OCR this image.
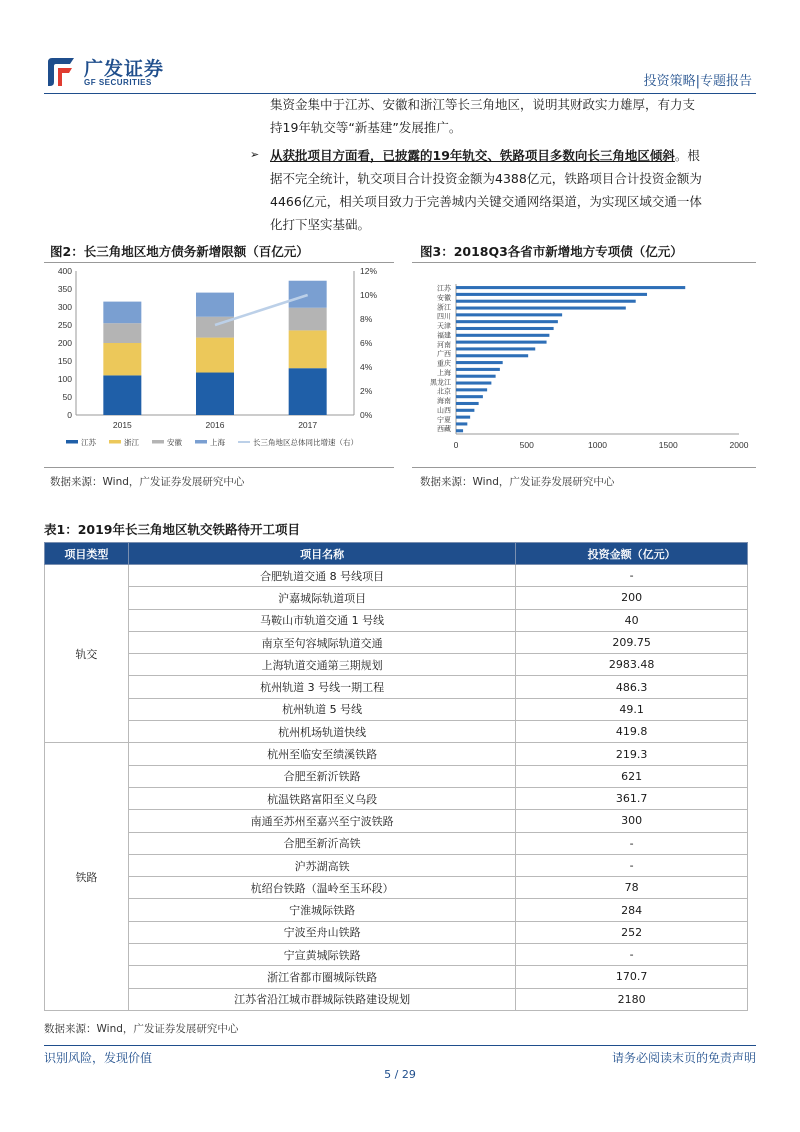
广发证券
GF SECURITIES	投资策略|专题报告
集资金集中于江苏、安徽和浙江等长三角地区，说明其财政实力雄厚，有力支
持19年轨交等“新基建”发展推广。
➢ 从获批项目方面看，已披露的19年轨交、铁路项目多数向长三角地区倾斜。根
据不完全统计，轨交项目合计投资金额为4388亿元，铁路项目合计投资金额为
4466亿元，相关项目致力于完善城内关键交通网络渠道，为实现区域交通一体
化打下坚实基础。
图2：长三角地区地方债务新增限额（百亿元）
0
50
100
150
200
250
300
350
400
0%
2%
4%
6%
8%
10%
12%
2015	2016	2017
江苏	浙江	安徽	上海	长三角地区总体同比增速（右）
数据来源：Wind，广发证券发展研究中心
图3：2018Q3各省市新增地方专项债（亿元）
0	500	1000	1500	2000
江苏
安徽
浙江
四川
天津
福建
河南
广西
重庆
上海
黑龙江
北京
海南
山西
宁夏
西藏
数据来源：Wind，广发证券发展研究中心
表1：2019年长三角地区轨交铁路待开工项目
项目类型	项目名称	投资金额（亿元）
轨交	合肥轨道交通 8 号线项目	-
	沪嘉城际轨道项目	200
	马鞍山市轨道交通 1 号线	40
	南京至句容城际轨道交通	209.75
	上海轨道交通第三期规划	2983.48
	杭州轨道 3 号线一期工程	486.3
	杭州轨道 5 号线	49.1
	杭州机场轨道快线	419.8
铁路	杭州至临安至绩溪铁路	219.3
	合肥至新沂铁路	621
	杭温铁路富阳至义乌段	361.7
	南通至苏州至嘉兴至宁波铁路	300
	合肥至新沂高铁	-
	沪苏湖高铁	-
	杭绍台铁路（温岭至玉环段）	78
	宁淮城际铁路	284
	宁波至舟山铁路	252
	宁宣黄城际铁路	-
	浙江省都市圈城际铁路	170.7
	江苏省沿江城市群城际铁路建设规划	2180
数据来源：Wind，广发证券发展研究中心
识别风险，发现价值	请务必阅读末页的免责声明
5 / 29
